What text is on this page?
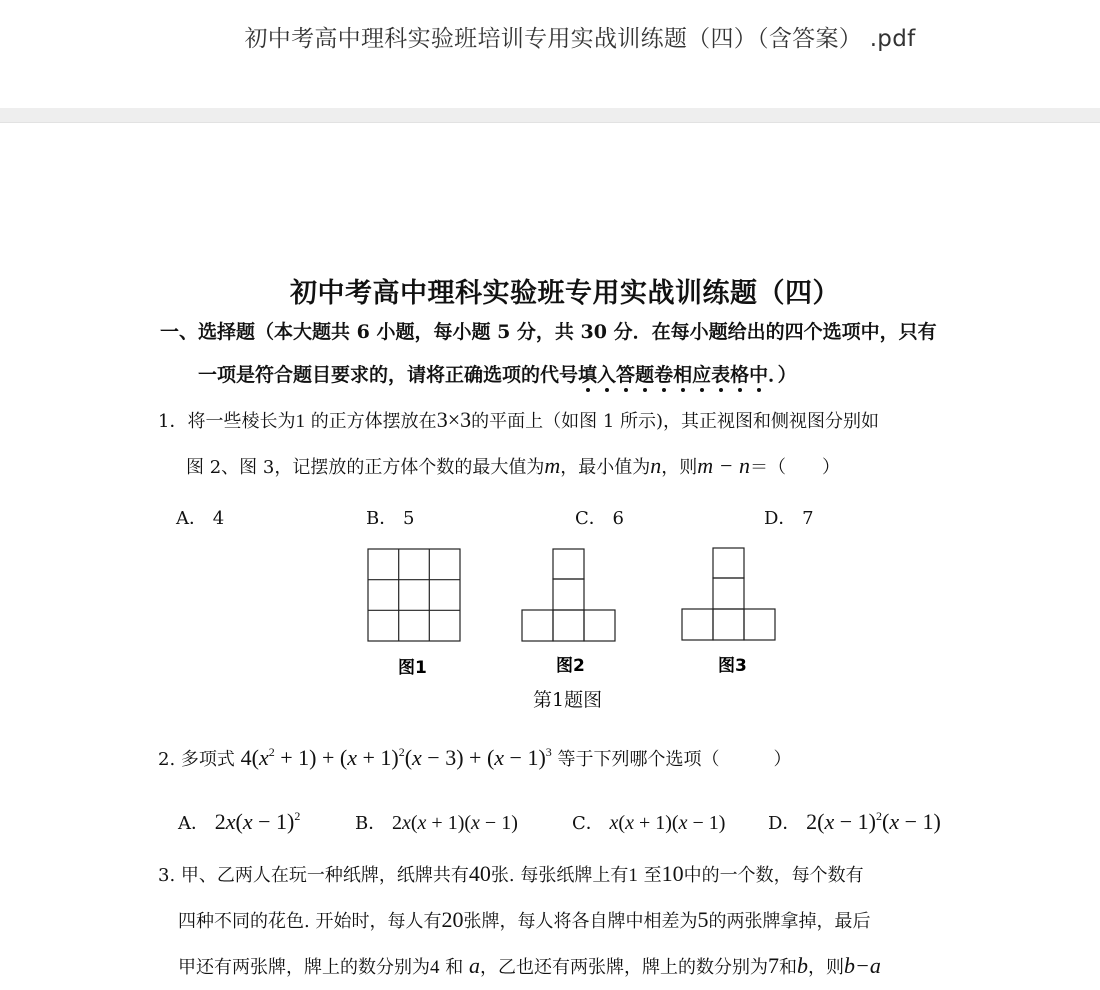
初中考高中理科实验班培训专用实战训练题（四）（含答案） .pdf
初中考高中理科实验班专用实战训练题（四）
一、选择题（本大题共 6 小题，每小题 5 分，共 30 分．在每小题给出的四个选项中，只有
一项是符合题目要求的，请将正确选项的代号填入答题卷相应表格中．）
1．将一些棱长为1 的正方体摆放在3×3的平面上（如图 1 所示)，其正视图和侧视图分别如
图 2、图 3，记摆放的正方体个数的最大值为m，最小值为n，则m − n＝（　　）
A． 4	B． 5	C． 6	D． 7
图1	图2	图3
第1题图
2. 多项式 $4(x^2 + 1) + (x + 1)^2(x - 3) + (x - 1)^3$ 等于下列哪个选项（　　　）
A． $2x(x - 1)^2$	B． 2x(x + 1)(x − 1)	C． x(x + 1)(x − 1) D． $2(x - 1)^2(x - 1)$
3. 甲、乙两人在玩一种纸牌，纸牌共有40张. 每张纸牌上有1 至10中的一个数，每个数有
四种不同的花色. 开始时，每人有20张牌，每人将各自牌中相差为5的两张牌拿掉，最后
甲还有两张牌，牌上的数分别为4 和 a，乙也还有两张牌，牌上的数分别为7和b，则b−a
